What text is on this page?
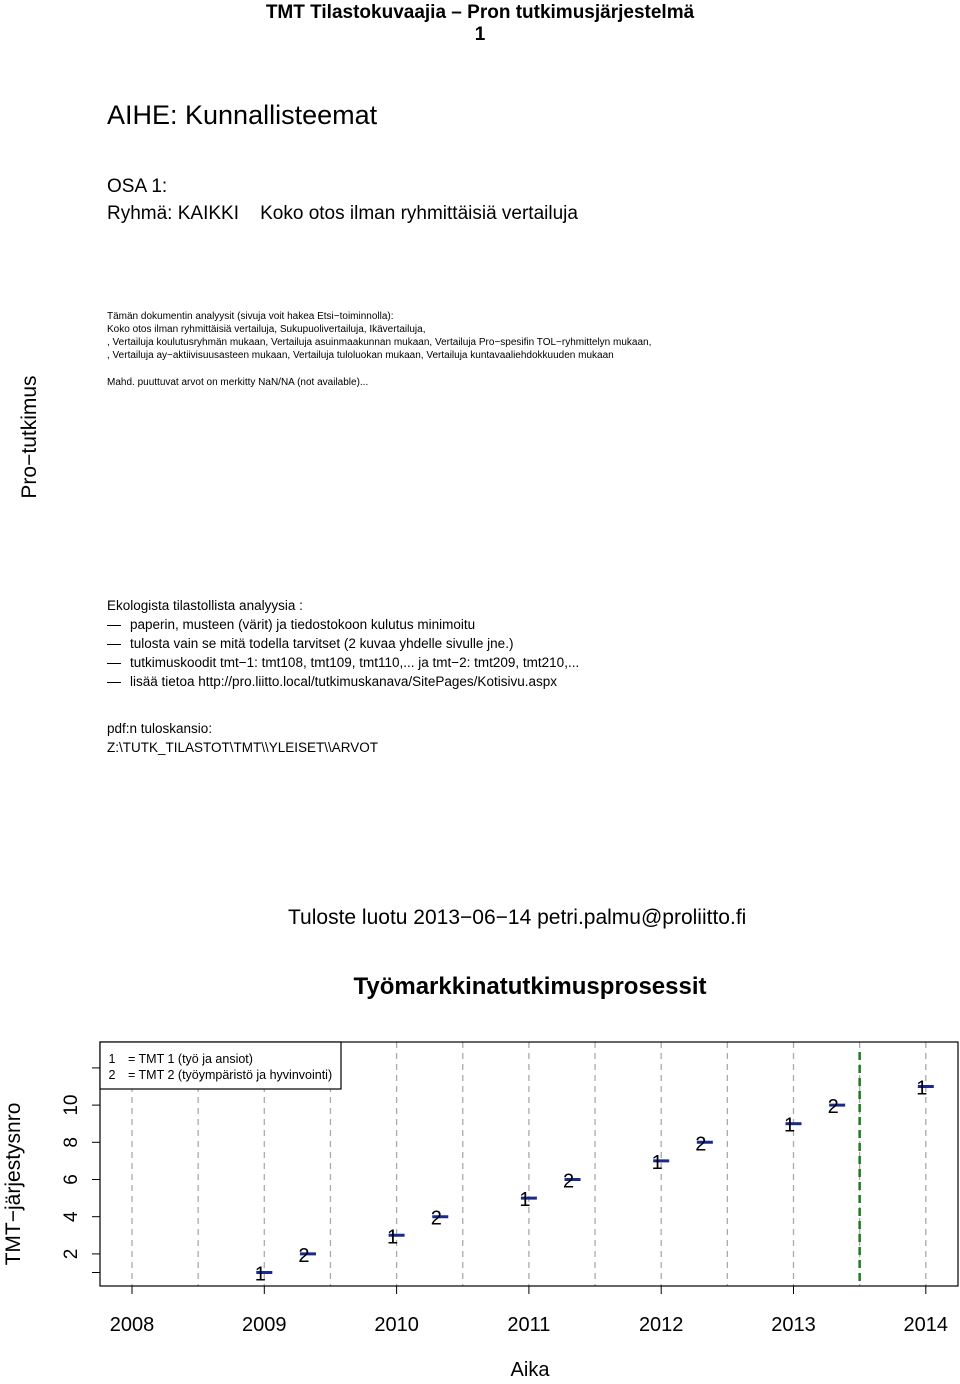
TMT Tilastokuvaajia – Pron tutkimusjärjestelmä
1
AIHE: Kunnallisteemat
OSA 1:
Ryhmä: KAIKKI    Koko otos ilman ryhmittäisiä vertailuja
Tämän dokumentin analyysit (sivuja voit hakea Etsi−toiminnolla):
Koko otos ilman ryhmittäisiä vertailuja, Sukupuolivertailuja, Ikävertailuja,
, Vertailuja koulutusryhmän mukaan, Vertailuja asuinmaakunnan mukaan, Vertailuja Pro−spesifin TOL−ryhmittelyn mukaan,
, Vertailuja ay−aktiivisuusasteen mukaan, Vertailuja tuloluokan mukaan, Vertailuja kuntavaaliehdokkuuden mukaan
Mahd. puuttuvat arvot on merkitty NaN/NA (not available)...
Pro−tutkimus
Ekologista tilastollista analyysia :
paperin, musteen (värit) ja tiedostokoon kulutus minimoitu
tulosta vain se mitä todella tarvitset (2 kuvaa yhdelle sivulle jne.)
tutkimuskoodit tmt−1: tmt108, tmt109, tmt110,... ja tmt−2: tmt209, tmt210,...
lisää tietoa http://pro.liitto.local/tutkimuskanava/SitePages/Kotisivu.aspx
pdf:n tuloskansio:
Z:\TUTK_TILASTOT\TMT\\YLEISET\\ARVOT
Tuloste luotu 2013−06−14 petri.palmu@proliitto.fi
Työmarkkinatutkimusprosessit
2
4
6
8
10
TMT−järjestysnro
2008	2009	2010	2011	2012	2013	2014
Aika
1
2
1
2
1
2
1
2
1
2
1
1 = TMT 1 (työ ja ansiot)
2 = TMT 2 (työympäristö ja hyvinvointi)
